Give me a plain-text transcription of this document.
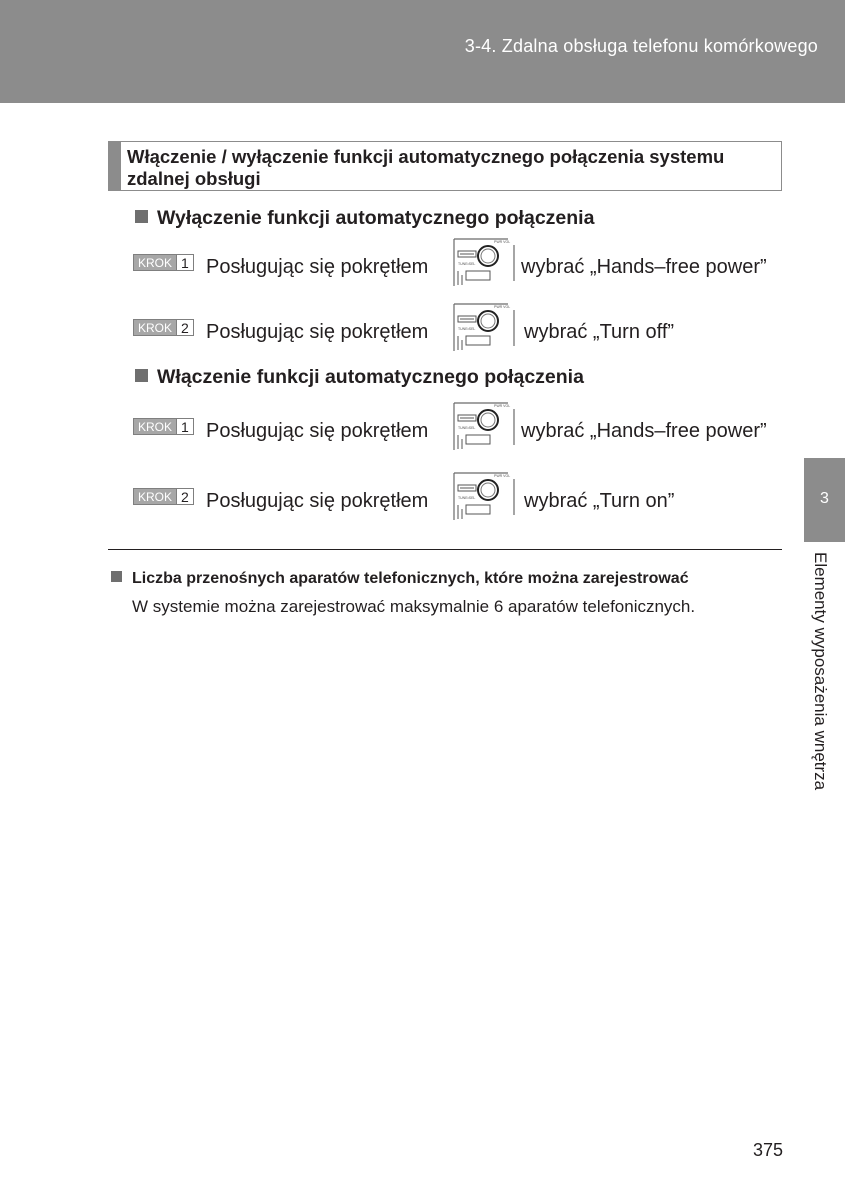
3-4. Zdalna obsługa telefonu komórkowego
Włączenie / wyłączenie funkcji automatycznego połączenia systemu zdalnej obsługi
Wyłączenie funkcji automatycznego połączenia
KROK 1 Posługując się pokrętłem
PWR VOL
TUNE•SEL wybrać „Hands–free power”
KROK 2 Posługując się pokrętłem
PWR VOL
TUNE•SEL wybrać „Turn off”
Włączenie funkcji automatycznego połączenia
KROK 1 Posługując się pokrętłem
PWR VOL
TUNE•SEL wybrać „Hands–free power”
KROK 2 Posługując się pokrętłem
PWR VOL
TUNE•SEL wybrać „Turn on”
Liczba przenośnych aparatów telefonicznych, które można zarejestrować
W systemie można zarejestrować maksymalnie 6 aparatów telefonicznych.
3
Elementy wyposażenia wnętrza
375
